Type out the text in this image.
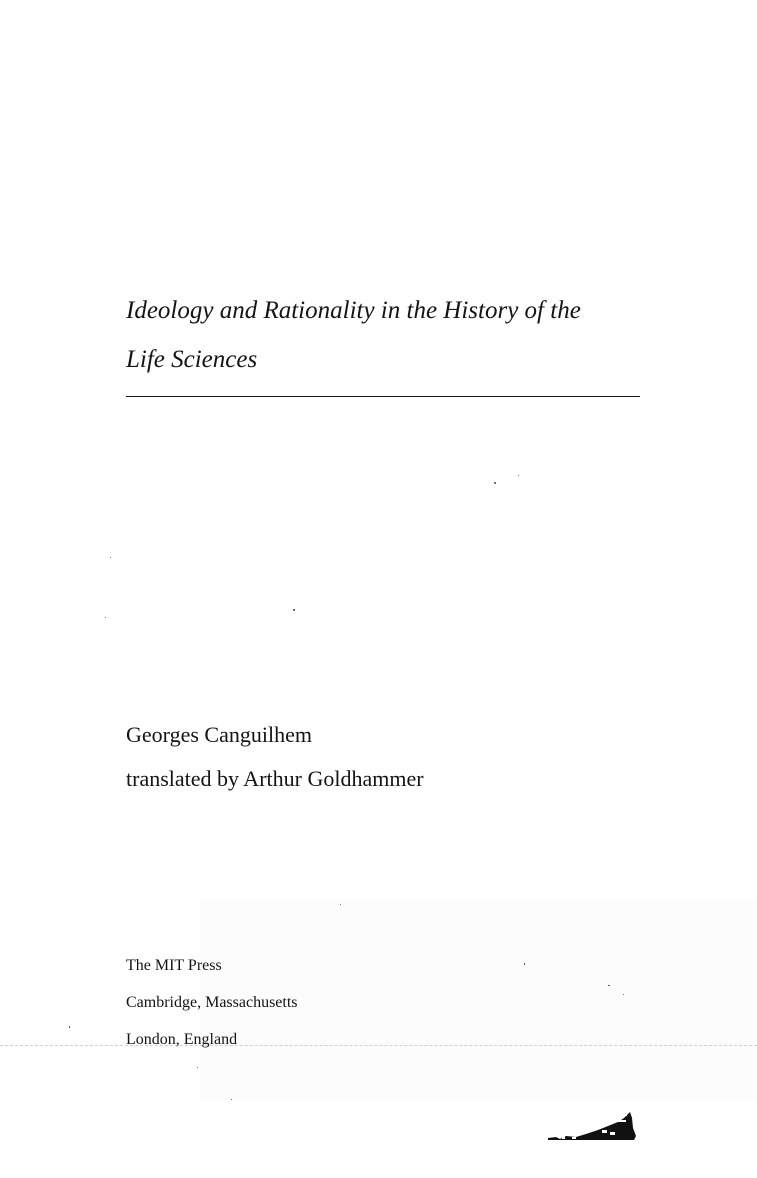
Ideology and Rationality in the History of the
Life Sciences
Georges Canguilhem
translated by Arthur Goldhammer
The MIT Press
Cambridge, Massachusetts
London, England
